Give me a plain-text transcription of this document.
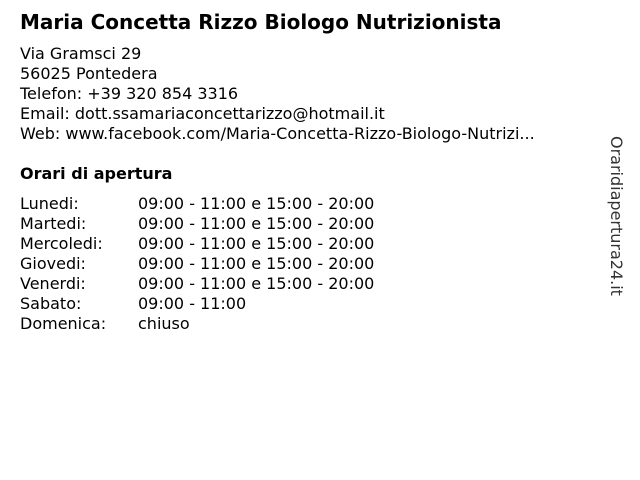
Maria Concetta Rizzo Biologo Nutrizionista
Via Gramsci 29
56025 Pontedera
Telefon: +39 320 854 3316
Email: dott.ssamariaconcettarizzo@hotmail.it
Web: www.facebook.com/Maria-Concetta-Rizzo-Biologo-Nutrizi...
Orari di apertura
Lunedi:	09:00 - 11:00 e 15:00 - 20:00
Martedi:	09:00 - 11:00 e 15:00 - 20:00
Mercoledi:	09:00 - 11:00 e 15:00 - 20:00
Giovedi:	09:00 - 11:00 e 15:00 - 20:00
Venerdi:	09:00 - 11:00 e 15:00 - 20:00
Sabato:	09:00 - 11:00
Domenica:	chiuso
Oraridiapertura24.it
